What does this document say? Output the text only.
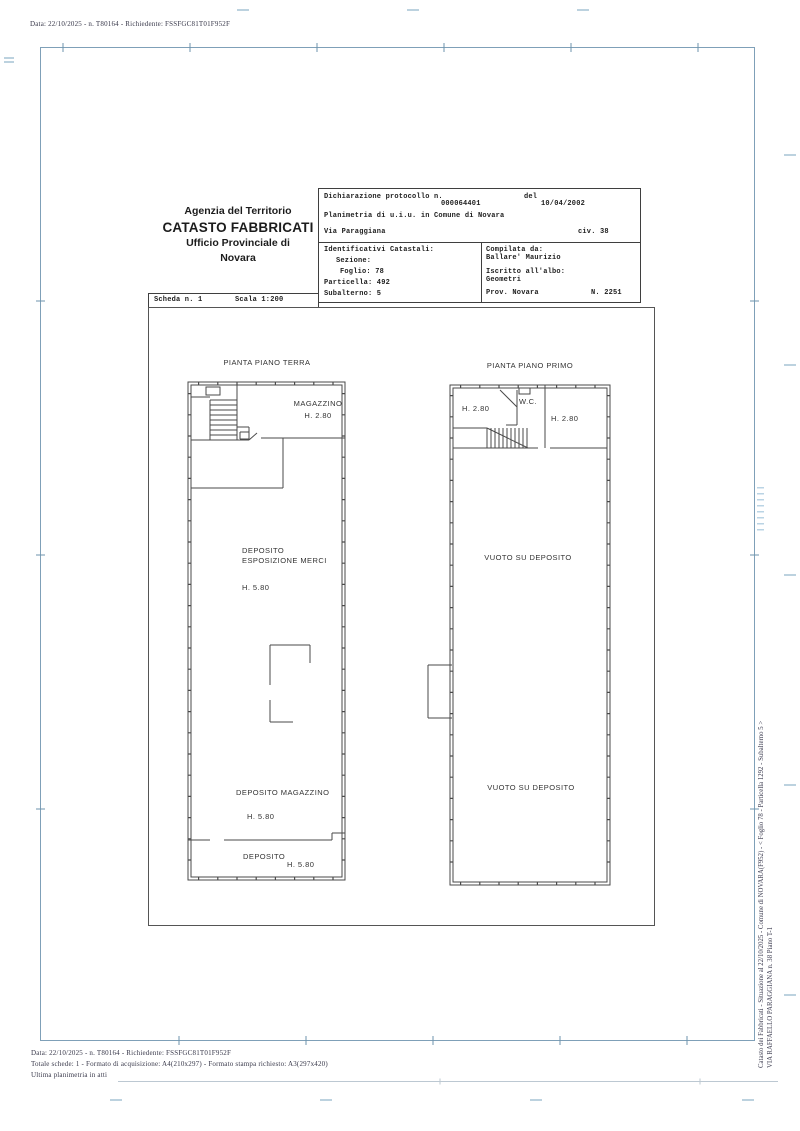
Data: 22/10/2025 - n. T80164 - Richiedente: FSSFGC81T01F952F
Agenzia del Territorio
CATASTO FABBRICATI
Ufficio Provinciale di
Novara
Dichiarazione protocollo n.
000064401
del
10/04/2002
Planimetria di u.i.u. in Comune di Novara
Via Paraggiana	civ. 38
Identificativi Catastali:
Sezione:
Foglio: 78
Particella: 492
Subalterno: 5
Compilata da:
Ballare' Maurizio
Iscritto all'albo:
Geometri
Prov. Novara	N. 2251
Scheda n. 1	Scala 1:200
PIANTA PIANO TERRA
MAGAZZINO
H. 2.80
DEPOSITO
ESPOSIZIONE MERCI
H. 5.80
DEPOSITO MAGAZZINO
H. 5.80
DEPOSITO
H. 5.80
PIANTA PIANO PRIMO
H. 2.80
W.C.
H. 2.80
VUOTO SU DEPOSITO
VUOTO SU DEPOSITO	Catasto dei Fabbricati - Situazione al 22/10/2025 - Comune di NOVARA(F952) - < Foglio 78 - Particella 1292 - Subalterno 5 > VIA RAFFAELLO PARAGGIANA n. 38 Piano T-1
Data: 22/10/2025 - n. T80164 - Richiedente: FSSFGC81T01F952F
Totale schede: 1 - Formato di acquisizione: A4(210x297) - Formato stampa richiesto: A3(297x420)
Ultima planimetria in atti
